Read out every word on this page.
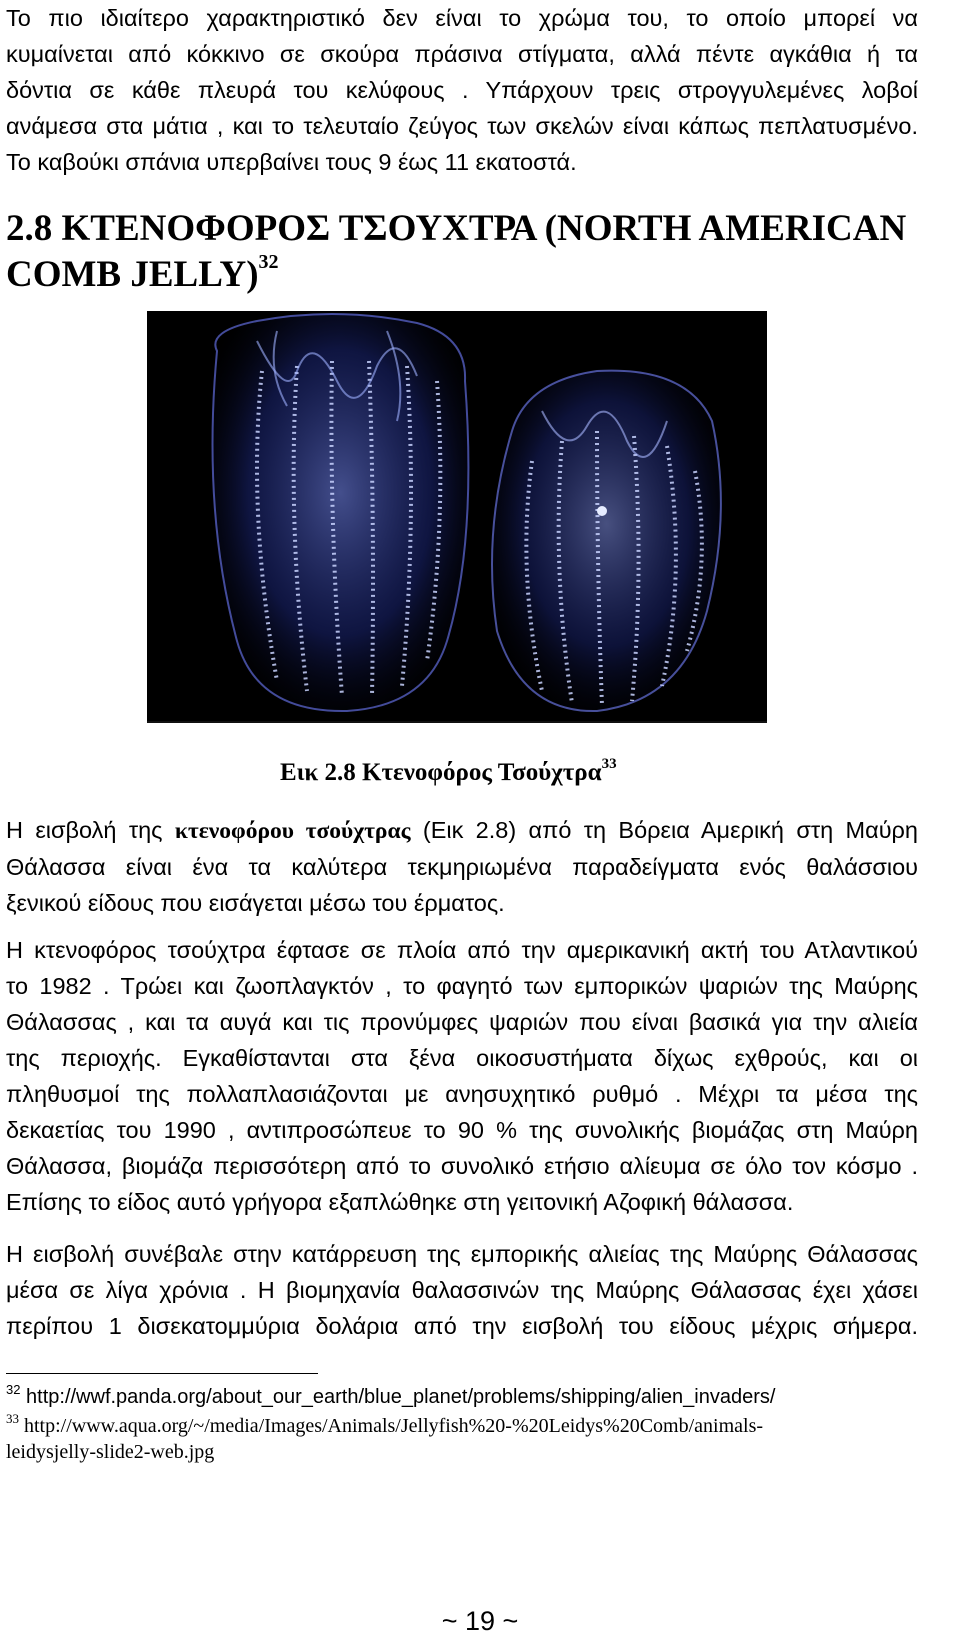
Το πιο ιδιαίτερο χαρακτηριστικό δεν είναι το χρώμα του, το οποίο μπορεί να
κυμαίνεται από κόκκινο σε σκούρα πράσινα στίγματα, αλλά πέντε αγκάθια ή τα
δόντια σε κάθε πλευρά του κελύφους . Υπάρχουν τρεις στρογγυλεμένες λοβοί
ανάμεσα στα μάτια , και το τελευταίο ζεύγος των σκελών είναι κάπως πεπλατυσμένο.
Το καβούκι σπάνια υπερβαίνει τους 9 έως 11 εκατοστά.
2.8 ΚΤΕΝΟΦΟΡΟΣ ΤΣΟΥΧΤΡΑ (NORTH AMERICAN
COMB JELLY)$^{32}$
Εικ 2.8 Κτενοφόρος Τσούχτρα$^{33}$
Η εισβολή της κτενοφόρου τσούχτρας (Εικ 2.8) από τη Βόρεια Αμερική στη Μαύρη
Θάλασσα είναι ένα τα καλύτερα τεκμηριωμένα παραδείγματα ενός θαλάσσιου
ξενικού είδους που εισάγεται μέσω του έρματος.
Η κτενοφόρος τσούχτρα έφτασε σε πλοία από την αμερικανική ακτή του Ατλαντικού
το 1982 . Τρώει και ζωοπλαγκτόν , το φαγητό των εμπορικών ψαριών της Μαύρης
Θάλασσας , και τα αυγά και τις προνύμφες ψαριών που είναι βασικά για την αλιεία
της περιοχής. Εγκαθίστανται στα ξένα οικοσυστήματα δίχως εχθρούς, και οι
πληθυσμοί της πολλαπλασιάζονται με ανησυχητικό ρυθμό . Μέχρι τα μέσα της
δεκαετίας του 1990 , αντιπροσώπευε το 90 % της συνολικής βιομάζας στη Μαύρη
Θάλασσα, βιομάζα περισσότερη από το συνολικό ετήσιο αλίευμα σε όλο τον κόσμο .
Επίσης το είδος αυτό γρήγορα εξαπλώθηκε στη γειτονική Αζοφική θάλασσα.
Η εισβολή συνέβαλε στην κατάρρευση της εμπορικής αλιείας της Μαύρης Θάλασσας
μέσα σε λίγα χρόνια . Η βιομηχανία θαλασσινών της Μαύρης Θάλασσας έχει χάσει
περίπου 1 δισεκατομμύρια δολάρια από την εισβολή του είδους μέχρις σήμερα.

$^{32}$ http://wwf.panda.org/about_our_earth/blue_planet/problems/shipping/alien_invaders/

$^{33}$ http://www.aqua.org/~/media/Images/Animals/Jellyfish%20-%20Leidys%20Comb/animals-
leidysjelly-slide2-web.jpg

~ 19 ~
